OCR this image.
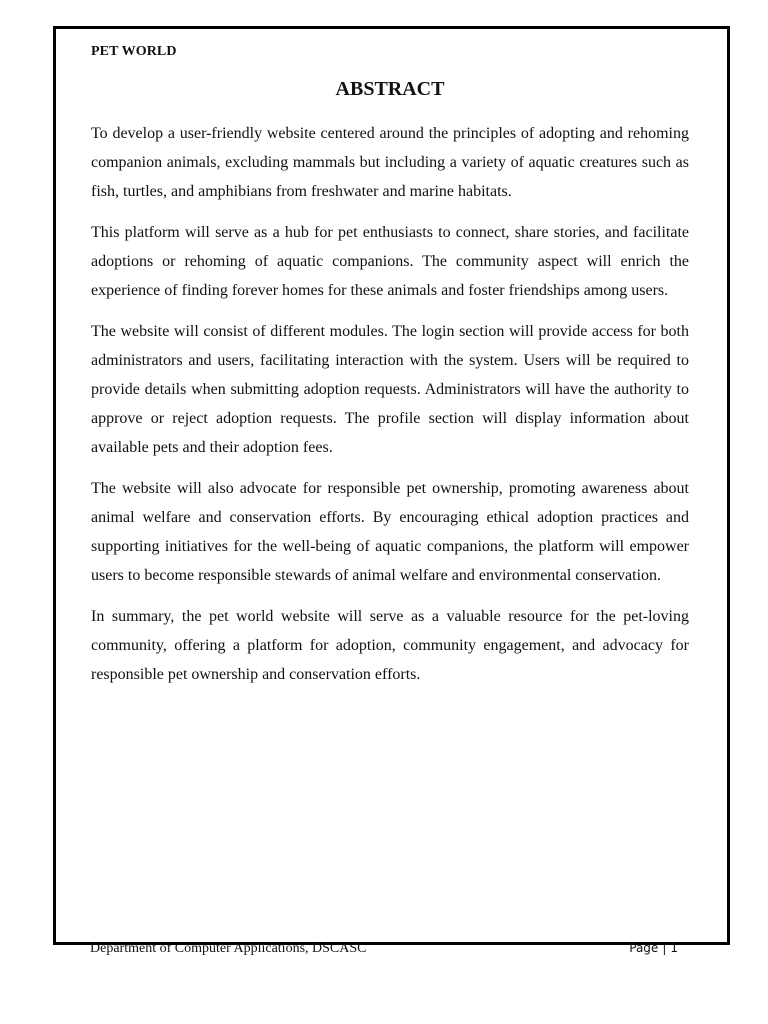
PET WORLD
ABSTRACT

To develop a user-friendly website centered around the principles of adopting and rehoming companion animals, excluding mammals but including a variety of aquatic creatures such as fish, turtles, and amphibians from freshwater and marine habitats.

This platform will serve as a hub for pet enthusiasts to connect, share stories, and facilitate adoptions or rehoming of aquatic companions. The community aspect will enrich the experience of finding forever homes for these animals and foster friendships among users.

The website will consist of different modules. The login section will provide access for both administrators and users, facilitating interaction with the system. Users will be required to provide details when submitting adoption requests. Administrators will have the authority to approve or reject adoption requests. The profile section will display information about available pets and their adoption fees.

The website will also advocate for responsible pet ownership, promoting awareness about animal welfare and conservation efforts. By encouraging ethical adoption practices and supporting initiatives for the well-being of aquatic companions, the platform will empower users to become responsible stewards of animal welfare and environmental conservation.

In summary, the pet world website will serve as a valuable resource for the pet-loving community, offering a platform for adoption, community engagement, and advocacy for responsible pet ownership and conservation efforts.

Department of Computer Applications, DSCASC	Page | 1
